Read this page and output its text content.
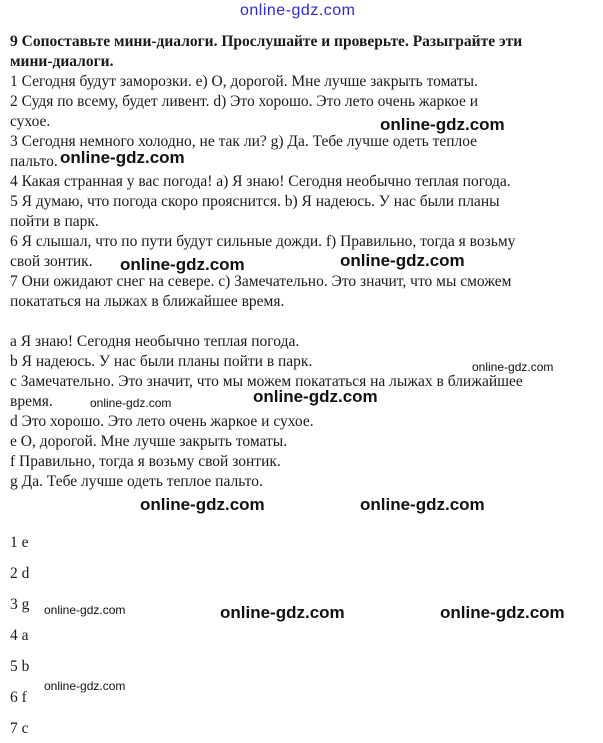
online-gdz.com
9 Сопоставьте мини-диалоги. Прослушайте и проверьте. Разыграйте эти
мини-диалоги.
1 Сегодня будут заморозки. е) О, дорогой. Мне лучше закрыть томаты.
2 Судя по всему, будет ливент. d) Это хорошо. Это лето очень жаркое и
сухое.
3 Сегодня немного холодно, не так ли? g) Да. Тебе лучше одеть теплое
пальто.
4 Какая странная у вас погода! а) Я знаю! Сегодня необычно теплая погода.
5 Я думаю, что погода скоро прояснится. b) Я надеюсь. У нас были планы
пойти в парк.
6 Я слышал, что по пути будут сильные дожди. f) Правильно, тогда я возьму
свой зонтик.
7 Они ожидают снег на севере. с) Замечательно. Это значит, что мы сможем
покататься на лыжах в ближайшее время.
а Я знаю! Сегодня необычно теплая погода.
b Я надеюсь. У нас были планы пойти в парк.
с Замечательно. Это значит, что мы можем покататься на лыжах в ближайшее
время.
d Это хорошо. Это лето очень жаркое и сухое.
е О, дорогой. Мне лучше закрыть томаты.
f Правильно, тогда я возьму свой зонтик.
g Да. Тебе лучше одеть теплое пальто.
1 е
2 d
3 g
4 a
5 b
6 f
7 c
online-gdz.com
online-gdz.com
online-gdz.com	online-gdz.com
online-gdz.com
online-gdz.com
online-gdz.com
online-gdz.com	online-gdz.com
online-gdz.com	online-gdz.com	online-gdz.com
online-gdz.com
